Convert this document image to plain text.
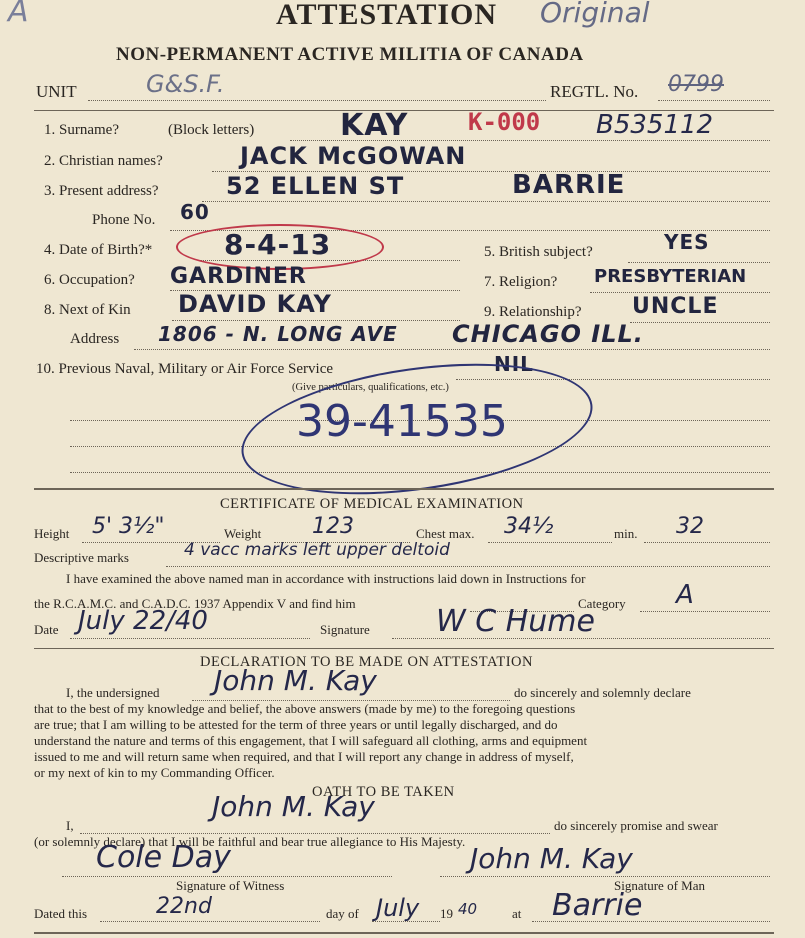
A	ATTESTATION Original
NON-PERMANENT ACTIVE MILITIA OF CANADA
UNIT	G&S.F.	REGTL. No. 0799
1. Surname?	(Block letters)	KAY K-000 B535112
2. Christian names?	JACK McGOWAN
3. Present address?	52 ELLEN ST	BARRIE
Phone No. 60
4. Date of Birth?*	8-4-13	5. British subject?	YES
6. Occupation? GARDINER	7. Religion? PRESBYTERIAN
8. Next of Kin DAVID KAY	9. Relationship? UNCLE
Address 1806 - N. LONG AVE CHICAGO ILL.
10. Previous Naval, Military or Air Force Service	NIL
(Give particulars, qualifications, etc.)
39-41535
CERTIFICATE OF MEDICAL EXAMINATION
Height 5' 3½"	Weight 123	Chest max. 34½	min. 32
Descriptive marks	4 vacc marks left upper deltoid
I have examined the above named man in accordance with instructions laid down in Instructions for
the R.C.A.M.C. and C.A.D.C. 1937 Appendix V and find him	Category A
Date July 22/40	Signature W C Hume
DECLARATION TO BE MADE ON ATTESTATION
I, the undersigned John M. Kay	do sincerely and solemnly declare
that to the best of my knowledge and belief, the above answers (made by me) to the foregoing questions
are true; that I am willing to be attested for the term of three years or until legally discharged, and do
understand the nature and terms of this engagement, that I will safeguard all clothing, arms and equipment
issued to me and will return same when required, and that I will report any change in address of myself,
or my next of kin to my Commanding Officer.
OATH TO BE TAKEN
I,
John M. Kay
do sincerely promise and swear
(or solemnly declare) that I will be faithful and bear true allegiance to His Majesty.
Cole Day
Signature of Witness
John M. Kay
Signature of Man
Dated this	22nd	day of July 19 40	at Barrie
